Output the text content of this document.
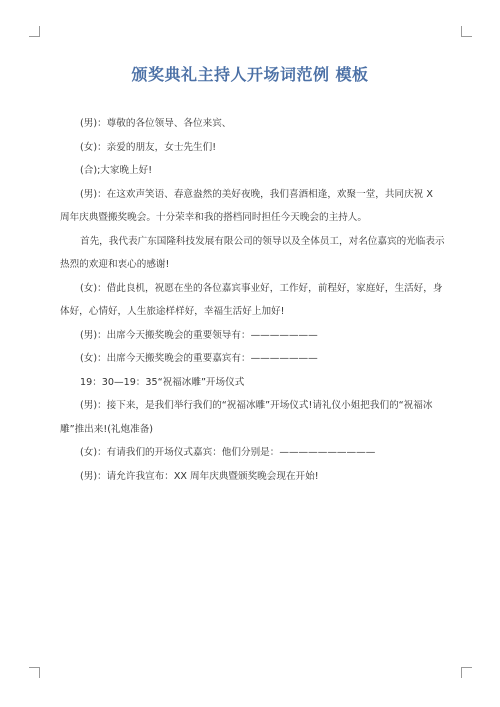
颁奖典礼主持人开场词范例 模板

(男)：尊敬的各位领导、各位来宾、

(女)：亲爱的朋友，女士先生们!

(合);大家晚上好!

(男)：在这欢声笑语、春意盎然的美好夜晚，我们喜酒相逢，欢聚一堂，共同庆祝 X 周年庆典暨搬奖晚会。十分荣幸和我的搭档同时担任今天晚会的主持人。

首先，我代表广东国隆科技发展有限公司的领导以及全体员工，对名位嘉宾的光临表示热烈的欢迎和衷心的感谢!

(女)：借此良机，祝愿在坐的各位嘉宾事业好，工作好，前程好，家庭好，生活好，身体好，心情好，人生旅途样样好，幸福生活好上加好!

(男)：出席今天搬奖晚会的重要领导有：———————

(女)：出席今天搬奖晚会的重要嘉宾有：———————

19：30—19：35“祝福冰雕”开场仪式

(男)：接下来，是我们举行我们的“祝福冰雕”开场仪式!请礼仪小姐把我们的“祝福冰雕”推出来!(礼炮准备)

(女)：有请我们的开场仪式嘉宾：他们分别是：——————————

(男)：请允许我宣布：XX 周年庆典暨颁奖晚会现在开始!
